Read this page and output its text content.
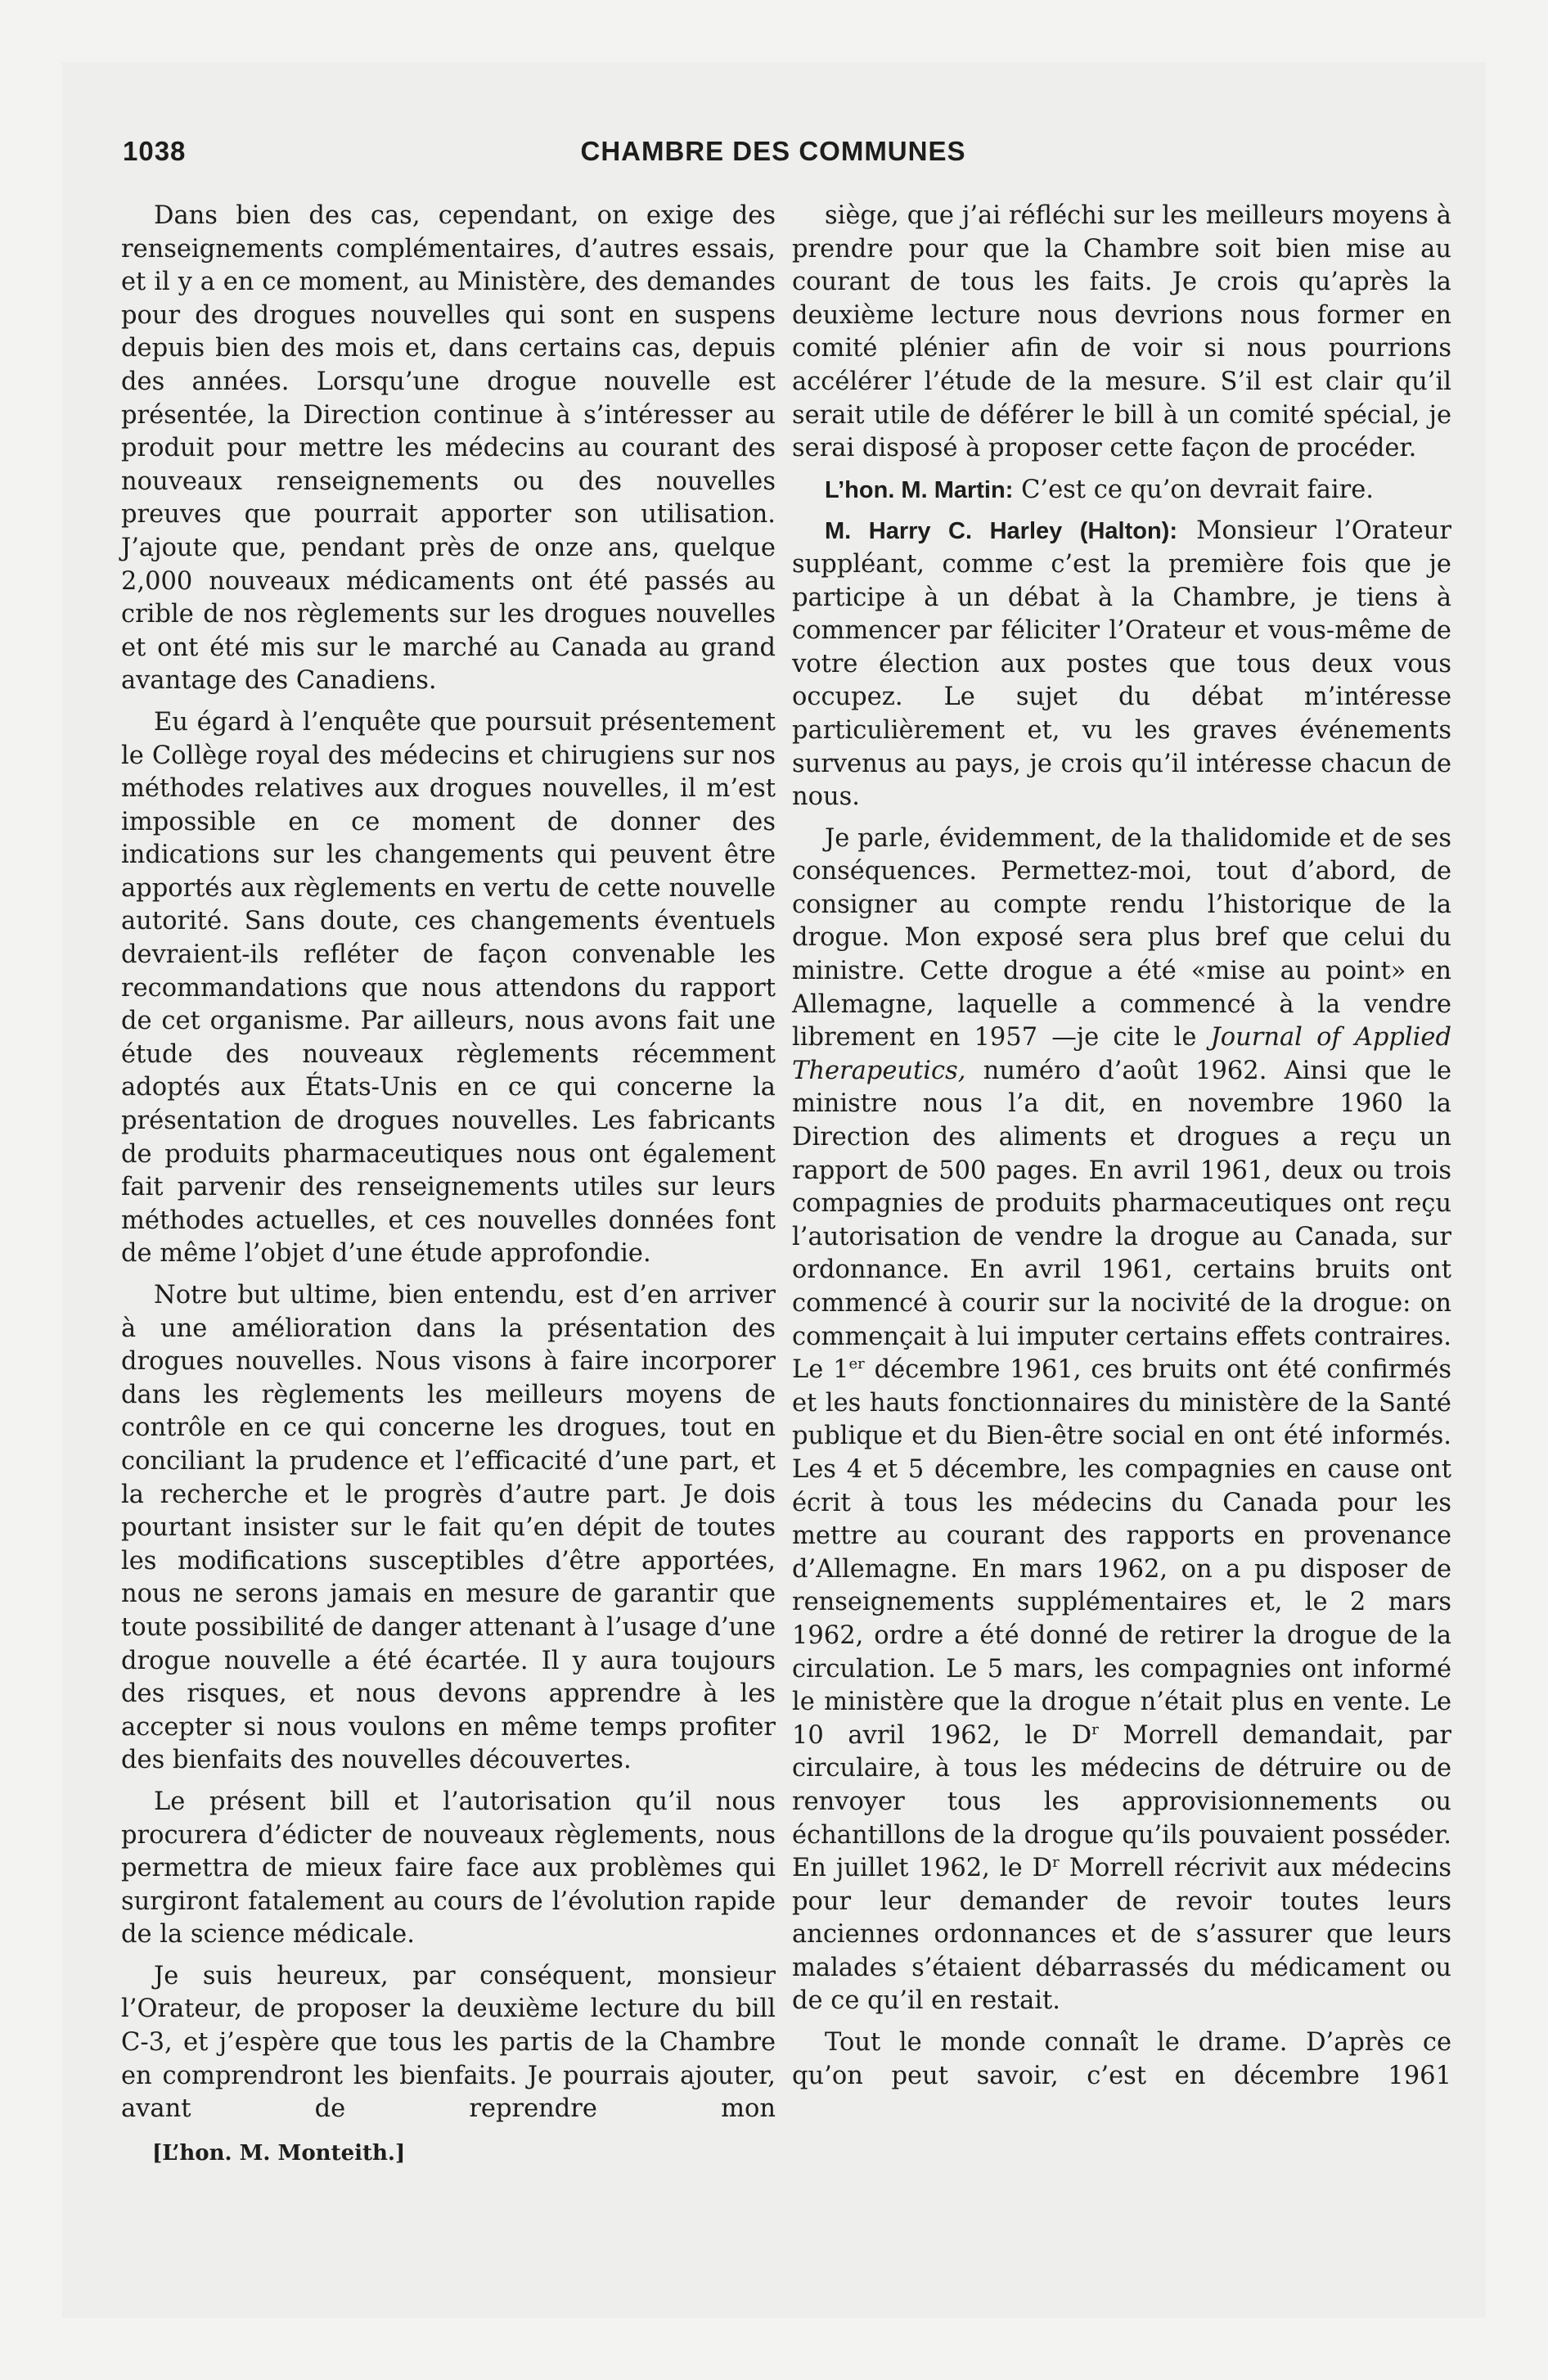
1038	CHAMBRE DES COMMUNES

Dans bien des cas, cependant, on exige des renseignements complémentaires, d’autres essais, et il y a en ce moment, au Ministère, des demandes pour des drogues nouvelles qui sont en suspens depuis bien des mois et, dans certains cas, depuis des années. Lorsqu’une drogue nouvelle est présentée, la Direction continue à s’intéresser au produit pour mettre les médecins au courant des nouveaux renseignements ou des nouvelles preuves que pourrait apporter son utilisation. J’ajoute que, pendant près de onze ans, quelque 2,000 nouveaux médicaments ont été passés au crible de nos règlements sur les drogues nouvelles et ont été mis sur le marché au Canada au grand avantage des Canadiens.

Eu égard à l’enquête que poursuit présentement le Collège royal des médecins et chirugiens sur nos méthodes relatives aux drogues nouvelles, il m’est impossible en ce moment de donner des indications sur les changements qui peuvent être apportés aux règlements en vertu de cette nouvelle autorité. Sans doute, ces changements éventuels devraient-ils refléter de façon convenable les recommandations que nous attendons du rapport de cet organisme. Par ailleurs, nous avons fait une étude des nouveaux règlements récemment adoptés aux États-Unis en ce qui concerne la présentation de drogues nouvelles. Les fabricants de produits pharmaceutiques nous ont également fait parvenir des renseignements utiles sur leurs méthodes actuelles, et ces nouvelles données font de même l’objet d’une étude approfondie.

Notre but ultime, bien entendu, est d’en arriver à une amélioration dans la présentation des drogues nouvelles. Nous visons à faire incorporer dans les règlements les meilleurs moyens de contrôle en ce qui concerne les drogues, tout en conciliant la prudence et l’efficacité d’une part, et la recherche et le progrès d’autre part. Je dois pourtant insister sur le fait qu’en dépit de toutes les modifications susceptibles d’être apportées, nous ne serons jamais en mesure de garantir que toute possibilité de danger attenant à l’usage d’une drogue nouvelle a été écartée. Il y aura toujours des risques, et nous devons apprendre à les accepter si nous voulons en même temps profiter des bienfaits des nouvelles découvertes.

Le présent bill et l’autorisation qu’il nous procurera d’édicter de nouveaux règlements, nous permettra de mieux faire face aux problèmes qui surgiront fatalement au cours de l’évolution rapide de la science médicale.

Je suis heureux, par conséquent, monsieur l’Orateur, de proposer la deuxième lecture du bill C-3, et j’espère que tous les partis de la Chambre en comprendront les bienfaits. Je pourrais ajouter, avant de reprendre mon

[L’hon. M. Monteith.]

siège, que j’ai réfléchi sur les meilleurs moyens à prendre pour que la Chambre soit bien mise au courant de tous les faits. Je crois qu’après la deuxième lecture nous devrions nous former en comité plénier afin de voir si nous pourrions accélérer l’étude de la mesure. S’il est clair qu’il serait utile de déférer le bill à un comité spécial, je serai disposé à proposer cette façon de procéder.

L’hon. M. Martin: C’est ce qu’on devrait faire.

M. Harry C. Harley (Halton): Monsieur l’Orateur suppléant, comme c’est la première fois que je participe à un débat à la Chambre, je tiens à commencer par féliciter l’Orateur et vous-même de votre élection aux postes que tous deux vous occupez. Le sujet du débat m’intéresse particulièrement et, vu les graves événements survenus au pays, je crois qu’il intéresse chacun de nous.

Je parle, évidemment, de la thalidomide et de ses conséquences. Permettez-moi, tout d’abord, de consigner au compte rendu l’historique de la drogue. Mon exposé sera plus bref que celui du ministre. Cette drogue a été «mise au point» en Allemagne, laquelle a commencé à la vendre librement en 1957 —je cite le Journal of Applied Therapeutics, numéro d’août 1962. Ainsi que le ministre nous l’a dit, en novembre 1960 la Direction des aliments et drogues a reçu un rapport de 500 pages. En avril 1961, deux ou trois compagnies de produits pharmaceutiques ont reçu l’autorisation de vendre la drogue au Canada, sur ordonnance. En avril 1961, certains bruits ont commencé à courir sur la nocivité de la drogue: on commençait à lui imputer certains effets contraires. Le 1er décembre 1961, ces bruits ont été confirmés et les hauts fonctionnaires du ministère de la Santé publique et du Bien-être social en ont été informés. Les 4 et 5 décembre, les compagnies en cause ont écrit à tous les médecins du Canada pour les mettre au courant des rapports en provenance d’Allemagne. En mars 1962, on a pu disposer de renseignements supplémentaires et, le 2 mars 1962, ordre a été donné de retirer la drogue de la circulation. Le 5 mars, les compagnies ont informé le ministère que la drogue n’était plus en vente. Le 10 avril 1962, le $D^r$ Morrell demandait, par circulaire, à tous les médecins de détruire ou de renvoyer tous les approvisionnements ou échantillons de la drogue qu’ils pouvaient posséder. En juillet 1962, le $D^r$ Morrell récrivit aux médecins pour leur demander de revoir toutes leurs anciennes ordonnances et de s’assurer que leurs malades s’étaient débarrassés du médicament ou de ce qu’il en restait.

Tout le monde connaît le drame. D’après ce qu’on peut savoir, c’est en décembre 1961
